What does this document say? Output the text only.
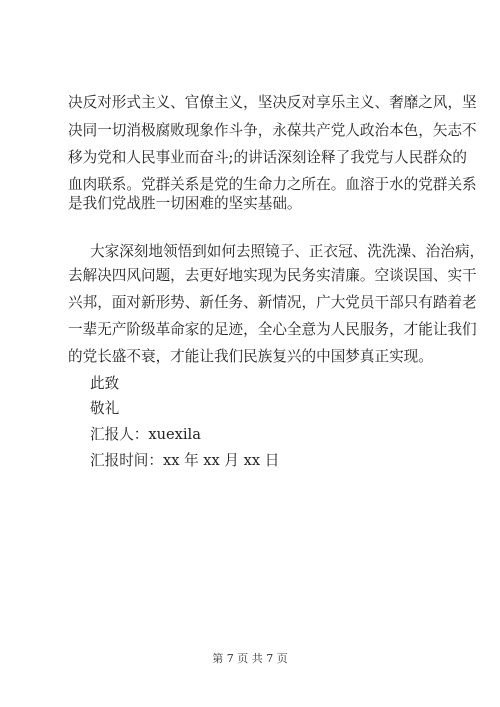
决反对形式主义、官僚主义，坚决反对享乐主义、奢靡之风，坚
决同一切消极腐败现象作斗争，永葆共产党人政治本色，矢志不
移为党和人民事业而奋斗;的讲话深刻诠释了我党与人民群众的
血肉联系。党群关系是党的生命力之所在。血溶于水的党群关系
是我们党战胜一切困难的坚实基础。
大家深刻地领悟到如何去照镜子、正衣冠、洗洗澡、治治病，
去解决四风问题，去更好地实现为民务实清廉。空谈误国、实干
兴邦，面对新形势、新任务、新情况，广大党员干部只有踏着老
一辈无产阶级革命家的足迹，全心全意为人民服务，才能让我们
的党长盛不衰，才能让我们民族复兴的中国梦真正实现。
此致
敬礼
汇报人：xuexila
汇报时间：xx 年 xx 月 xx 日
第 7 页 共 7 页
